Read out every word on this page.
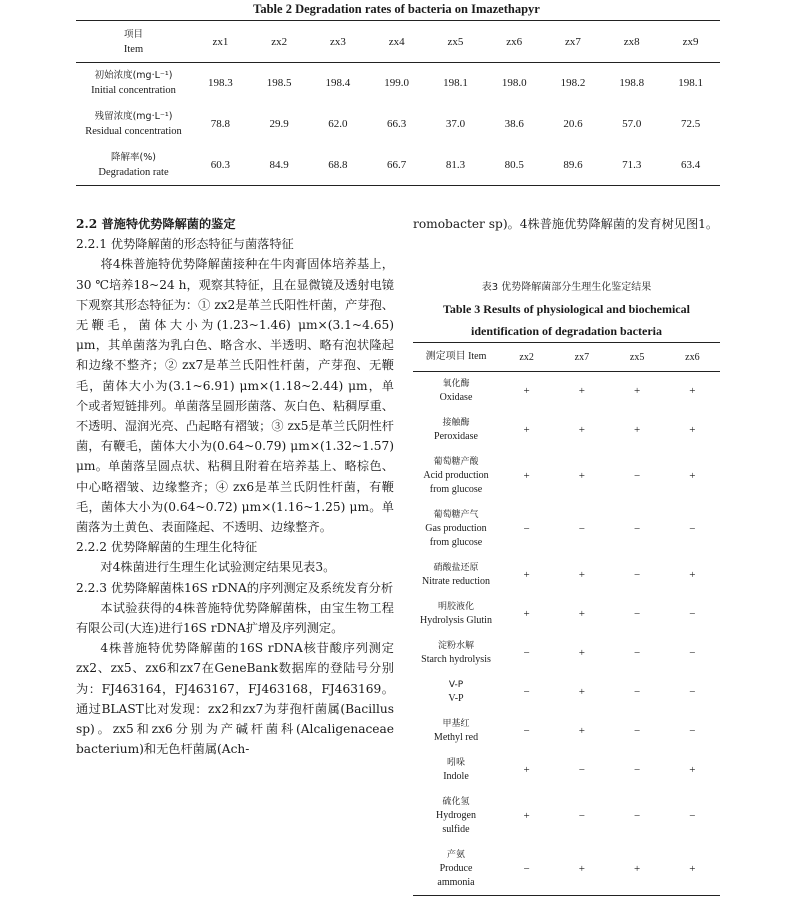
Table 2 Degradation rates of bacteria on Imazethapyr
项目
Item	zx1	zx2	zx3	zx4	zx5	zx6	zx7	zx8	zx9

初始浓度(mg·L⁻¹)
Initial concentration	198.3	198.5	198.4	199.0	198.1	198.0	198.2	198.8	198.1

残留浓度(mg·L⁻¹)
Residual concentration	78.8	29.9	62.0	66.3	37.0	38.6	20.6	57.0	72.5

降解率(%)
Degradation rate	60.3	84.9	68.8	66.7	81.3	80.5	89.6	71.3	63.4

2.2 普施特优势降解菌的鉴定

2.2.1 优势降解菌的形态特征与菌落特征

将4株普施特优势降解菌接种在牛肉膏固体培养基上，30 ℃培养18~24 h，观察其特征，且在显微镜及透射电镜下观察其形态特征为：① zx2是革兰氏阳性杆菌，产芽孢、无鞭毛，菌体大小为(1.23~1.46) μm×(3.1~4.65) μm，其单菌落为乳白色、略含水、半透明、略有泡状隆起和边缘不整齐；② zx7是革兰氏阳性杆菌，产芽孢、无鞭毛，菌体大小为(3.1~6.91) μm×(1.18~2.44) μm，单个或者短链排列。单菌落呈圆形菌落、灰白色、粘稠厚重、不透明、湿润光亮、凸起略有褶皱；③ zx5是革兰氏阴性杆菌，有鞭毛，菌体大小为(0.64~0.79) μm×(1.32~1.57) μm。单菌落呈圆点状、粘稠且附着在培养基上、略棕色、中心略褶皱、边缘整齐；④ zx6是革兰氏阴性杆菌，有鞭毛，菌体大小为(0.64~0.72) μm×(1.16~1.25) μm。单菌落为土黄色、表面隆起、不透明、边缘整齐。

2.2.2 优势降解菌的生理生化特征

对4株菌进行生理生化试验测定结果见表3。

2.2.3 优势降解菌株16S rDNA的序列测定及系统发育分析

本试验获得的4株普施特优势降解菌株，由宝生物工程有限公司(大连)进行16S rDNA扩增及序列测定。

4株普施特优势降解菌的16S rDNA核苷酸序列测定zx2、zx5、zx6和zx7在GeneBank数据库的登陆号分别为：FJ463164，FJ463167，FJ463168，FJ463169。通过BLAST比对发现：zx2和zx7为芽孢杆菌属(Bacillus sp)。zx5和zx6分别为产碱杆菌科(Alcaligenaceae bacterium)和无色杆菌属(Ach-

romobacter sp)。4株普施优势降解菌的发育树见图1。

表3 优势降解菌部分生理生化鉴定结果
Table 3 Results of physiological and biochemical
identification of degradation bacteria
测定项目 Item	zx2	zx7	zx5	zx6

氧化酶
Oxidase	+	+	+	+

接触酶
Peroxidase	+	+	+	+

葡萄糖产酸
Acid production
from glucose	+	+	−	+

葡萄糖产气
Gas production
from glucose	−	−	−	−

硝酸盐还原
Nitrate reduction	+	+	−	+

明胶液化
Hydrolysis Glutin	+	+	−	−

淀粉水解
Starch hydrolysis	−	+	−	−

V-P
V-P	−	+	−	−

甲基红
Methyl red	−	+	−	−

吲哚
Indole	+	−	−	+

硫化氢
Hydrogen
sulfide	+	−	−	−

产氨
Produce
ammonia	−	+	+	+
